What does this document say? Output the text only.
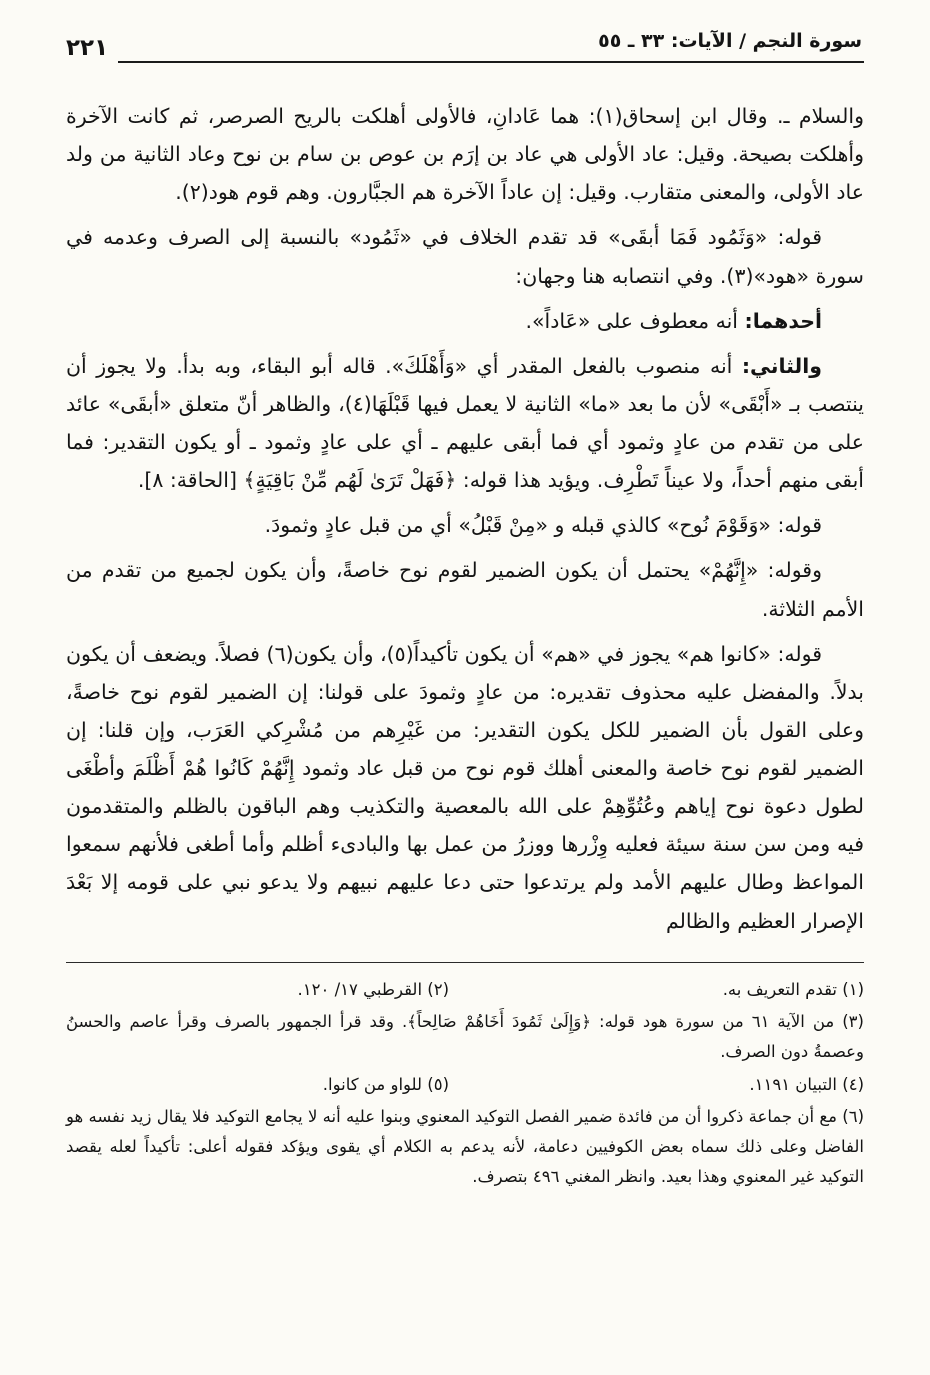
سورة النجم / الآيات: ٣٣ ـ ٥٥
٢٢١

والسلام ـ. وقال ابن إسحاق(١): هما عَادانِ، فالأولى أهلكت بالريح الصرصر، ثم كانت الآخرة وأهلكت بصيحة. وقيل: عاد الأولى هي عاد بن إرَم بن عوص بن سام بن نوح وعاد الثانية من ولد عاد الأولى، والمعنى متقارب. وقيل: إن عاداً الآخرة هم الجبَّارون. وهم قوم هود(٢).

قوله: «وَثَمُود فَمَا أبقَى» قد تقدم الخلاف في «ثَمُود» بالنسبة إلى الصرف وعدمه في سورة «هود»(٣). وفي انتصابه هنا وجهان:

أحدهما: أنه معطوف على «عَاداً».

والثاني: أنه منصوب بالفعل المقدر أي «وَأَهْلَكَ». قاله أبو البقاء، وبه بدأ. ولا يجوز أن ينتصب بـ «أَبْقَى» لأن ما بعد «ما» الثانية لا يعمل فيها قَبْلَهَا(٤)، والظاهر أنّ متعلق «أبقَى» عائد على من تقدم من عادٍ وثمود أي فما أبقى عليهم ـ أي على عادٍ وثمود ـ أو يكون التقدير: فما أبقى منهم أحداً، ولا عيناً تَطْرِف. ويؤيد هذا قوله: ﴿فَهَلْ تَرَىٰ لَهُم مِّنْ بَاقِيَةٍ﴾ [الحاقة: ٨].

قوله: «وَقَوْمَ نُوح» كالذي قبله و «مِنْ قَبْلُ» أي من قبل عادٍ وثمودَ.

وقوله: «إِنَّهُمْ» يحتمل أن يكون الضمير لقوم نوح خاصةً، وأن يكون لجميع من تقدم من الأمم الثلاثة.

قوله: «كانوا هم» يجوز في «هم» أن يكون تأكيداً(٥)، وأن يكون(٦) فصلاً. ويضعف أن يكون بدلاً. والمفضل عليه محذوف تقديره: من عادٍ وثمودَ على قولنا: إن الضمير لقوم نوح خاصةً، وعلى القول بأن الضمير للكل يكون التقدير: من غَيْرِهم من مُشْرِكي العَرَب، وإن قلنا: إن الضمير لقوم نوح خاصة والمعنى أهلك قوم نوح من قبل عاد وثمود إِنَّهُمْ كَانُوا هُمْ أَظْلَمَ وأطْغَى لطول دعوة نوح إياهم وعُتُوِّهِمْ على الله بالمعصية والتكذيب وهم الباقون بالظلم والمتقدمون فيه ومن سن سنة سيئة فعليه وِزْرها ووزرُ من عمل بها والبادىء أظلم وأما أطغى فلأنهم سمعوا المواعظ وطال عليهم الأمد ولم يرتدعوا حتى دعا عليهم نبيهم ولا يدعو نبي على قومه إلا بَعْدَ الإصرار العظيم والظالم

(١) تقدم التعريف به.
(٢) القرطبي ١٧/ ١٢٠.

(٣) من الآية ٦١ من سورة هود قوله: ﴿وَإِلَىٰ ثَمُودَ أَخَاهُمْ صَالِحاً﴾. وقد قرأ الجمهور بالصرف وقرأ عاصم والحسنُ وعصمةُ دون الصرف.

(٤) التبيان ١١٩١.
(٥) للواو من كانوا.

(٦) مع أن جماعة ذكروا أن من فائدة ضمير الفصل التوكيد المعنوي وبنوا عليه أنه لا يجامع التوكيد فلا يقال زيد نفسه هو الفاضل وعلى ذلك سماه بعض الكوفيين دعامة، لأنه يدعم به الكلام أي يقوى ويؤكد فقوله أعلى: تأكيداً لعله يقصد التوكيد غير المعنوي وهذا بعيد. وانظر المغني ٤٩٦ بتصرف.
